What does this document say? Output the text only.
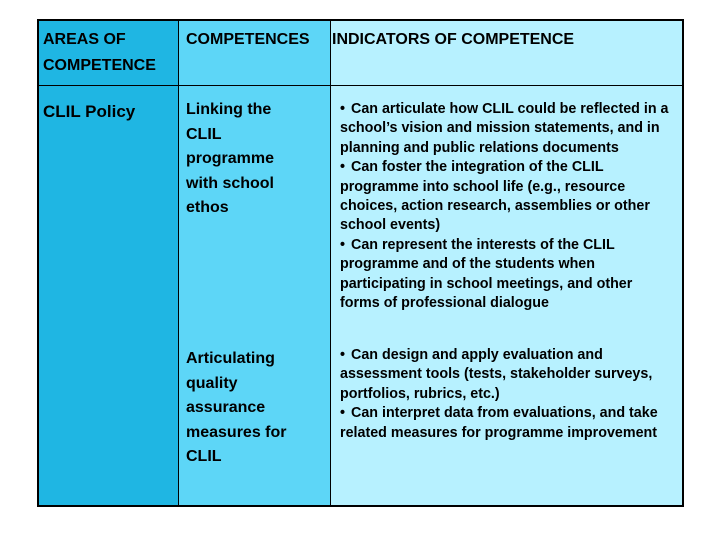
AREAS OF COMPETENCE
COMPETENCES	INDICATORS OF COMPETENCE
CLIL Policy	Linking the CLIL programme with school ethos

• Can articulate how CLIL could be reflected in a school’s vision and mission statements, and in planning and public relations documents

• Can foster the integration of the CLIL programme into school life (e.g., resource choices, action research, assemblies or other school events)

• Can represent the interests of the CLIL programme and of the students when participating in school meetings, and other forms of professional dialogue

Articulating quality assurance measures for CLIL

• Can design and apply evaluation and assessment tools (tests, stakeholder surveys, portfolios, rubrics, etc.)

• Can interpret data from evaluations, and take related measures for programme improvement
